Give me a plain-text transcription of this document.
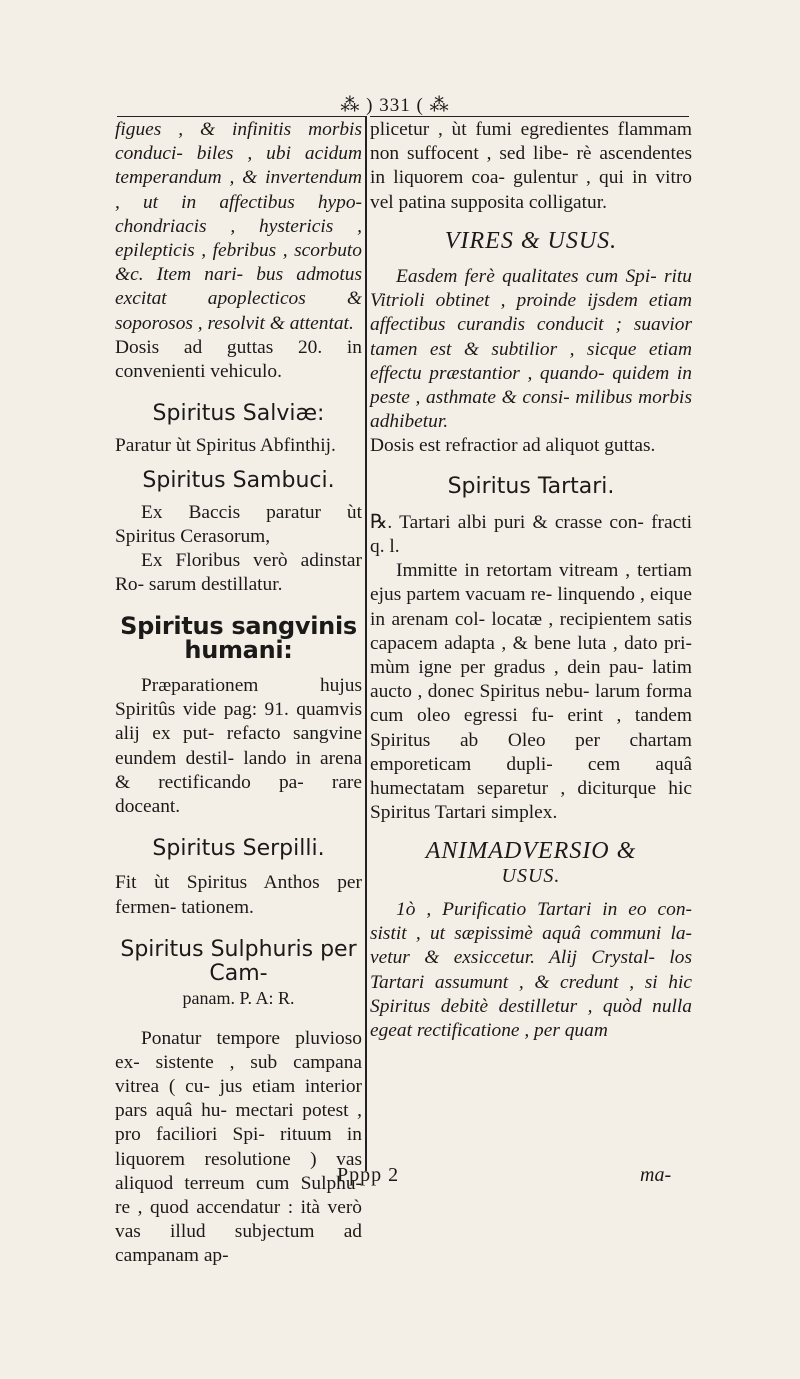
⁂ ) 331 ( ⁂

figues , & infinitis morbis conduci- biles , ubi acidum temperandum , & invertendum , ut in affectibus hypo- chondriacis , hystericis , epilepticis , febribus , scorbuto &c. Item nari- bus admotus excitat apoplecticos & soporosos , resolvit & attentat.

Dosis ad guttas 20. in convenienti vehiculo.

Spiritus Salviæ:

Paratur ùt Spiritus Abfinthij.

Spiritus Sambuci.

Ex Baccis paratur ùt Spiritus Cerasorum,

Ex Floribus verò adinstar Ro- sarum destillatur.

Spiritus sangvinis humani:

Præparationem hujus Spiritûs vide pag: 91. quamvis alij ex put- refacto sangvine eundem destil- lando in arena & rectificando pa- rare doceant.

Spiritus Serpilli.

Fit ùt Spiritus Anthos per fermen- tationem.

Spiritus Sulphuris per Cam-

panam. P. A: R.

Ponatur tempore pluvioso ex- sistente , sub campana vitrea ( cu- jus etiam interior pars aquâ hu- mectari potest , pro faciliori Spi- rituum in liquorem resolutione ) vas aliquod terreum cum Sulphu- re , quod accendatur : ità verò vas illud subjectum ad campanam ap-

plicetur , ùt fumi egredientes flammam non suffocent , sed libe- rè ascendentes in liquorem coa- gulentur , qui in vitro vel patina supposita colligatur.

VIRES & USUS.

Easdem ferè qualitates cum Spi- ritu Vitrioli obtinet , proinde ijsdem etiam affectibus curandis conducit ; suavior tamen est & subtilior , sicque etiam effectu præstantior , quando- quidem in peste , asthmate & consi- milibus morbis adhibetur.

Dosis est refractior ad aliquot guttas.

Spiritus Tartari.

℞. Tartari albi puri & crasse con- fracti q. l.

Immitte in retortam vitream , tertiam ejus partem vacuam re- linquendo , eique in arenam col- locatæ , recipientem satis capacem adapta , & bene luta , dato pri- mùm igne per gradus , dein pau- latim aucto , donec Spiritus nebu- larum forma cum oleo egressi fu- erint , tandem Spiritus ab Oleo per chartam emporeticam dupli- cem aquâ humectatam separetur , diciturque hic Spiritus Tartari simplex.

ANIMADVERSIO &

USUS.

1ò , Purificatio Tartari in eo con- sistit , ut sæpissimè aquâ communi la- vetur & exsiccetur. Alij Crystal- los Tartari assumunt , & credunt , si hic Spiritus debitè destilletur , quòd nulla egeat rectificatione , per quam

Pppp 2	ma-
